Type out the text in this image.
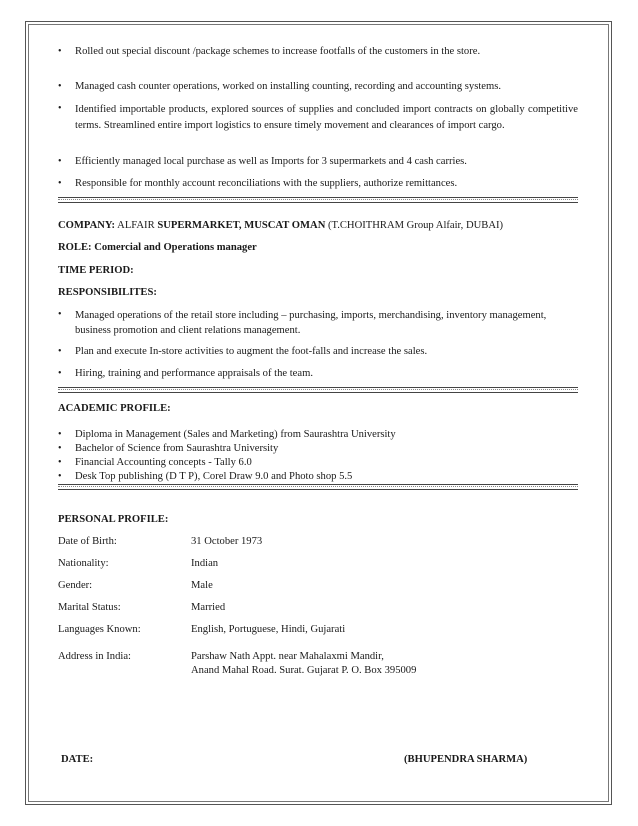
•	Rolled out special discount /package schemes to increase footfalls of the customers in the store.
•	Managed cash counter operations, worked on installing counting, recording and accounting systems.
•	Identified importable products, explored sources of supplies and concluded import contracts on globally competitive terms. Streamlined entire import logistics to ensure timely movement and clearances of import cargo.
•	Efficiently managed local purchase as well as Imports for 3 supermarkets and 4 cash carries.
•	Responsible for monthly account reconciliations with the suppliers, authorize remittances.
COMPANY: ALFAIR SUPERMARKET, MUSCAT OMAN (T.CHOITHRAM Group Alfair, DUBAI)
ROLE: Comercial and Operations manager
TIME PERIOD:
RESPONSIBILITES:
•	Managed operations of the retail store including – purchasing, imports, merchandising, inventory management, business promotion and client relations management.
•	Plan and execute In-store activities to augment the foot-falls and increase the sales.
•	Hiring, training and performance appraisals of the team.
ACADEMIC PROFILE:
•	Diploma in Management (Sales and Marketing) from Saurashtra University
•	Bachelor of Science from Saurashtra University
•	Financial Accounting concepts - Tally 6.0
•	Desk Top publishing (D T P), Corel Draw 9.0 and Photo shop 5.5
PERSONAL PROFILE:
Date of Birth:	31 October 1973
Nationality:	Indian
Gender:	Male
Marital Status:	Married
Languages Known:	English, Portuguese, Hindi, Gujarati
Address in India:	Parshaw Nath Appt. near Mahalaxmi Mandir,
Anand Mahal Road. Surat. Gujarat P. O. Box 395009
DATE:	(BHUPENDRA SHARMA)
